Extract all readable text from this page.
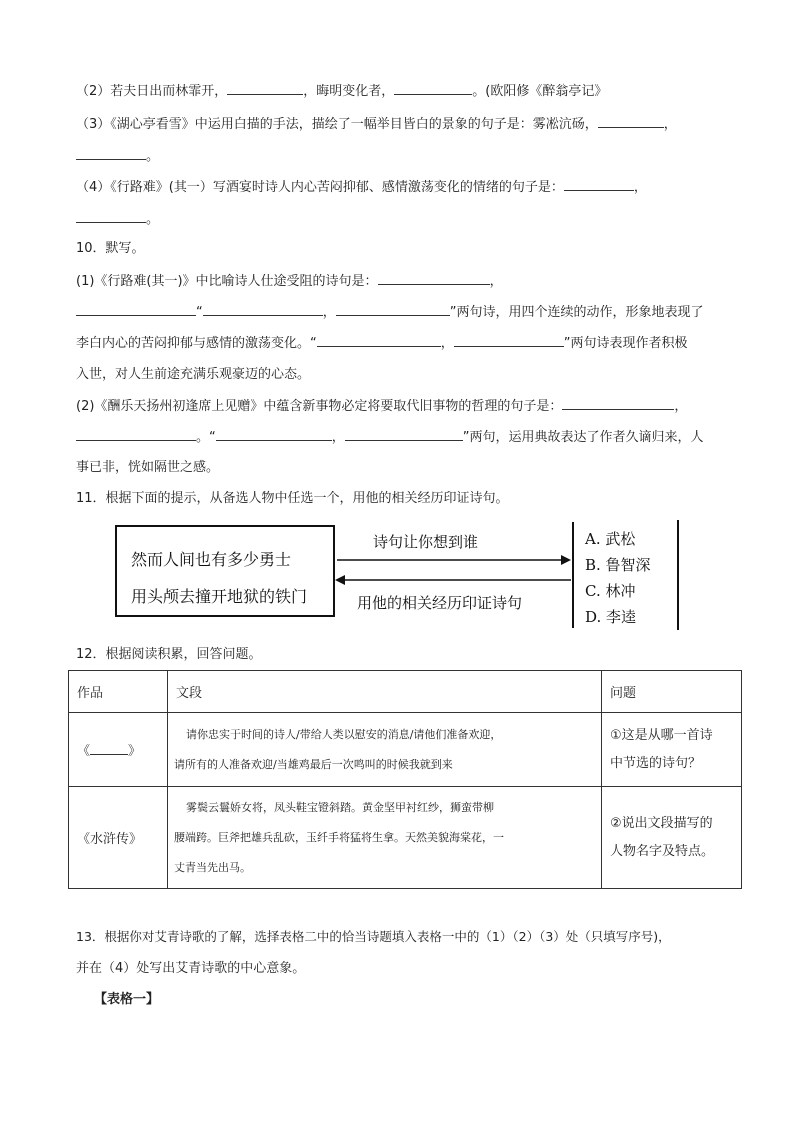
（2）若夫日出而林霏开，	，晦明变化者，	。(欧阳修《醉翁亭记》
（3）《湖心亭看雪》中运用白描的手法，描绘了一幅举目皆白的景象的句子是：雾凇沆砀，	，
。
（4）《行路难》(其一）写酒宴时诗人内心苦闷抑郁、感情激荡变化的情绪的句子是：	，
。
10．默写。
(1)《行路难(其一)》中比喻诗人仕途受阻的诗句是：	，
“	，	”两句诗，用四个连续的动作，形象地表现了
李白内心的苦闷抑郁与感情的激荡变化。“	，	”两句诗表现作者积极
入世，对人生前途充满乐观豪迈的心态。
(2)《酬乐天扬州初逢席上见赠》中蕴含新事物必定将要取代旧事物的哲理的句子是：	，
。“	，	”两句，运用典故表达了作者久谪归来，人
事已非，恍如隔世之感。
11．根据下面的提示，从备选人物中任选一个，用他的相关经历印证诗句。
然而人间也有多少勇士
用头颅去撞开地狱的铁门
诗句让你想到谁
用他的相关经历印证诗句
A. 武松
B. 鲁智深
C. 林冲
D. 李逵
12．根据阅读积累，回答问题。
作品	文段	问题
《 》	请你忠实于时间的诗人/带给人类以慰安的消息/请他们准备欢迎，
请所有的人准备欢迎/当雄鸡最后一次鸣叫的时候我就到来	①这是从哪一首诗
中节选的诗句？

《水浒传》	雾鬓云鬟娇女将，凤头鞋宝镫斜踏。黄金坚甲衬红纱，狮蛮带柳
腰端跨。巨斧把雄兵乱砍，玉纤手将猛将生拿。天然美貌海棠花，一
丈青当先出马。	②说出文段描写的
人物名字及特点。
13．根据你对艾青诗歌的了解，选择表格二中的恰当诗题填入表格一中的（1）（2）（3）处（只填写序号)，
并在（4）处写出艾青诗歌的中心意象。
【表格一】
